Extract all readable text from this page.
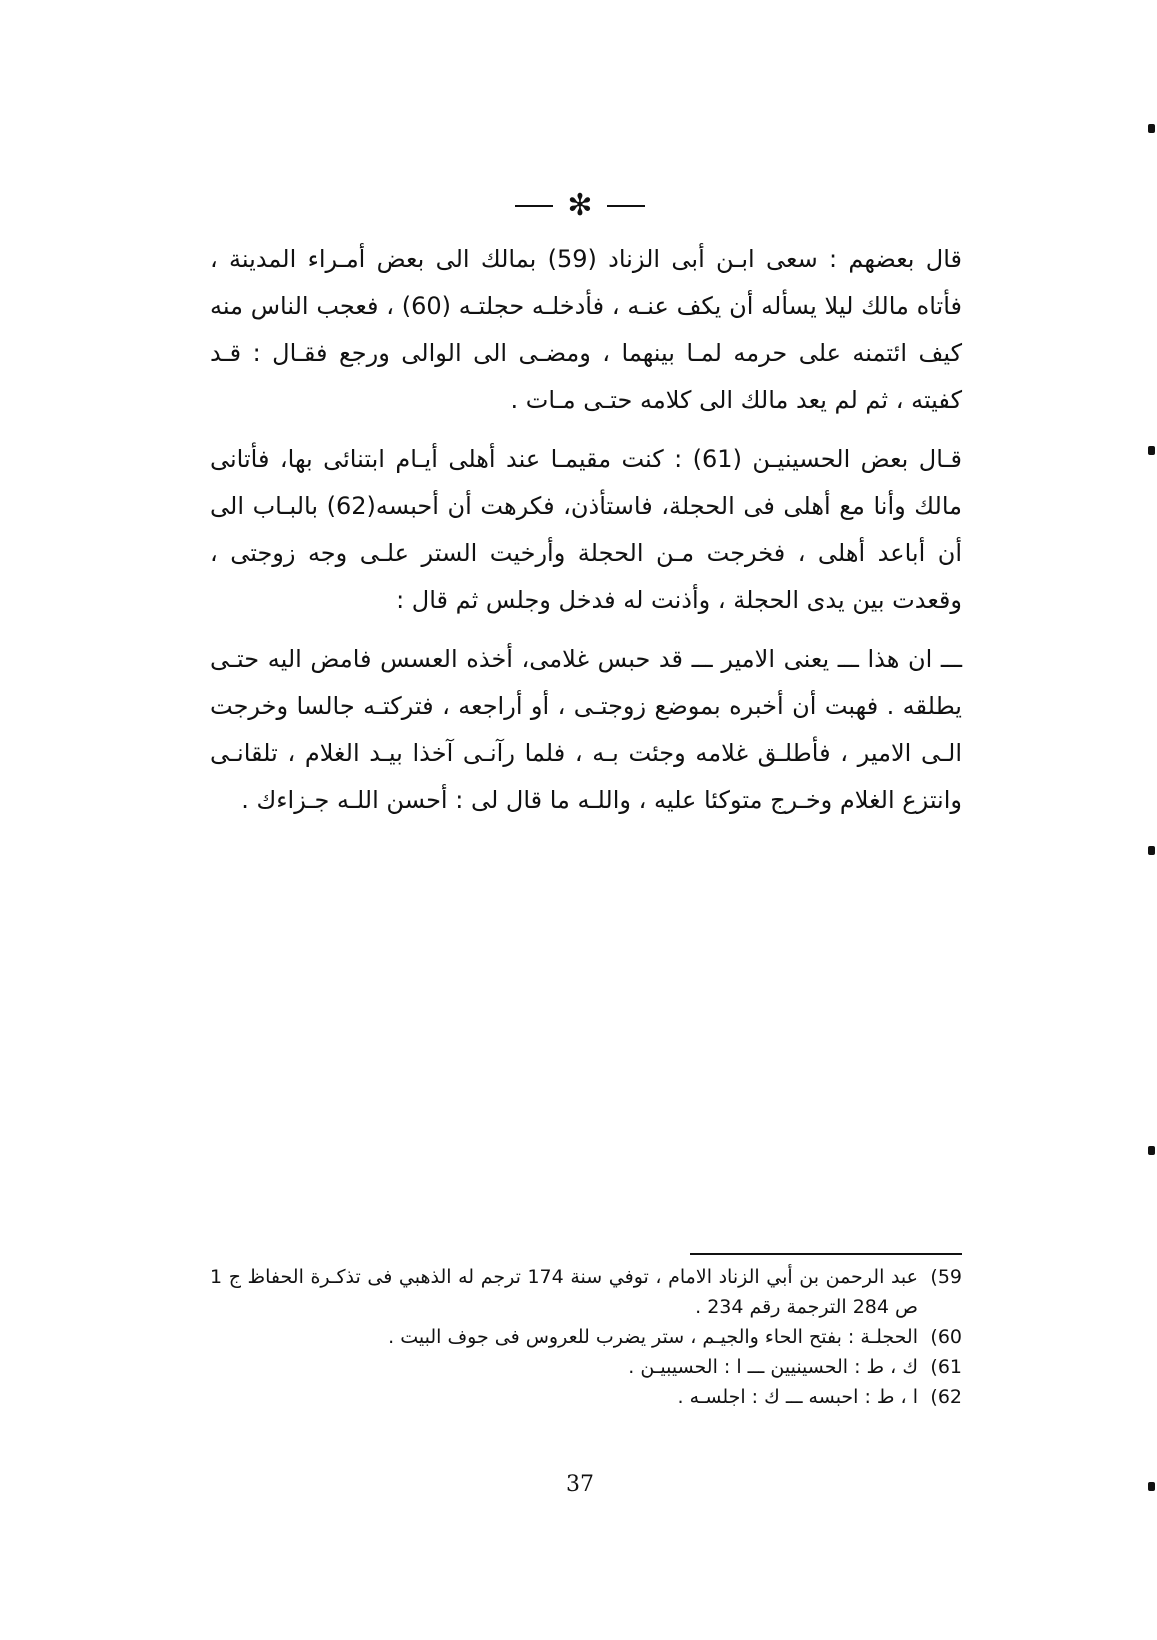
✻

قال بعضهم : سعى ابـن أبى الزناد (59) بمالك الى بعض أمـراء المدينة ، فأتاه مالك ليلا يسأله أن يكف عنـه ، فأدخلـه حجلتـه (60) ، فعجب الناس منه كيف ائتمنه على حرمه لمـا بينهما ، ومضـى الى الوالى ورجع فقـال : قـد كفيته ، ثم لم يعد مالك الى كلامه حتـى مـات .

قـال بعض الحسينيـن (61) : كنت مقيمـا عند أهلى أيـام ابتنائى بها، فأتانى مالك وأنا مع أهلى فى الحجلة، فاستأذن، فكرهت أن أحبسه(62) بالبـاب الى أن أباعد أهلى ، فخرجت مـن الحجلة وأرخيت الستر علـى وجه زوجتى ، وقعدت بين يدى الحجلة ، وأذنت له فدخل وجلس ثم قال :

ـــ ان هذا ـــ يعنى الامير ـــ قد حبس غلامى، أخذه العسس فامض اليه حتـى يطلقه . فهبت أن أخبره بموضع زوجتـى ، أو أراجعه ، فتركتـه جالسا وخرجت الـى الامير ، فأطلـق غلامه وجئت بـه ، فلما رآنـى آخذا بيـد الغلام ، تلقانـى وانتزع الغلام وخـرج متوكئا عليه ، واللـه ما قال لى : أحسن اللـه جـزاءك .

59)
عبد الرحمن بن أبي الزناد الامام ، توفي سنة 174 ترجم له الذهبي فى تذكـرة الحفاظ ج 1 ص 284 الترجمة رقم 234 .
60)
الحجلـة : بفتح الحاء والجيـم ، ستر يضرب للعروس فى جوف البيت .
61)
ك ، ط : الحسينيين ـــ ا : الحسيبيـن .
62)
ا ، ط : احبسه ـــ ك : اجلسـه .
37
